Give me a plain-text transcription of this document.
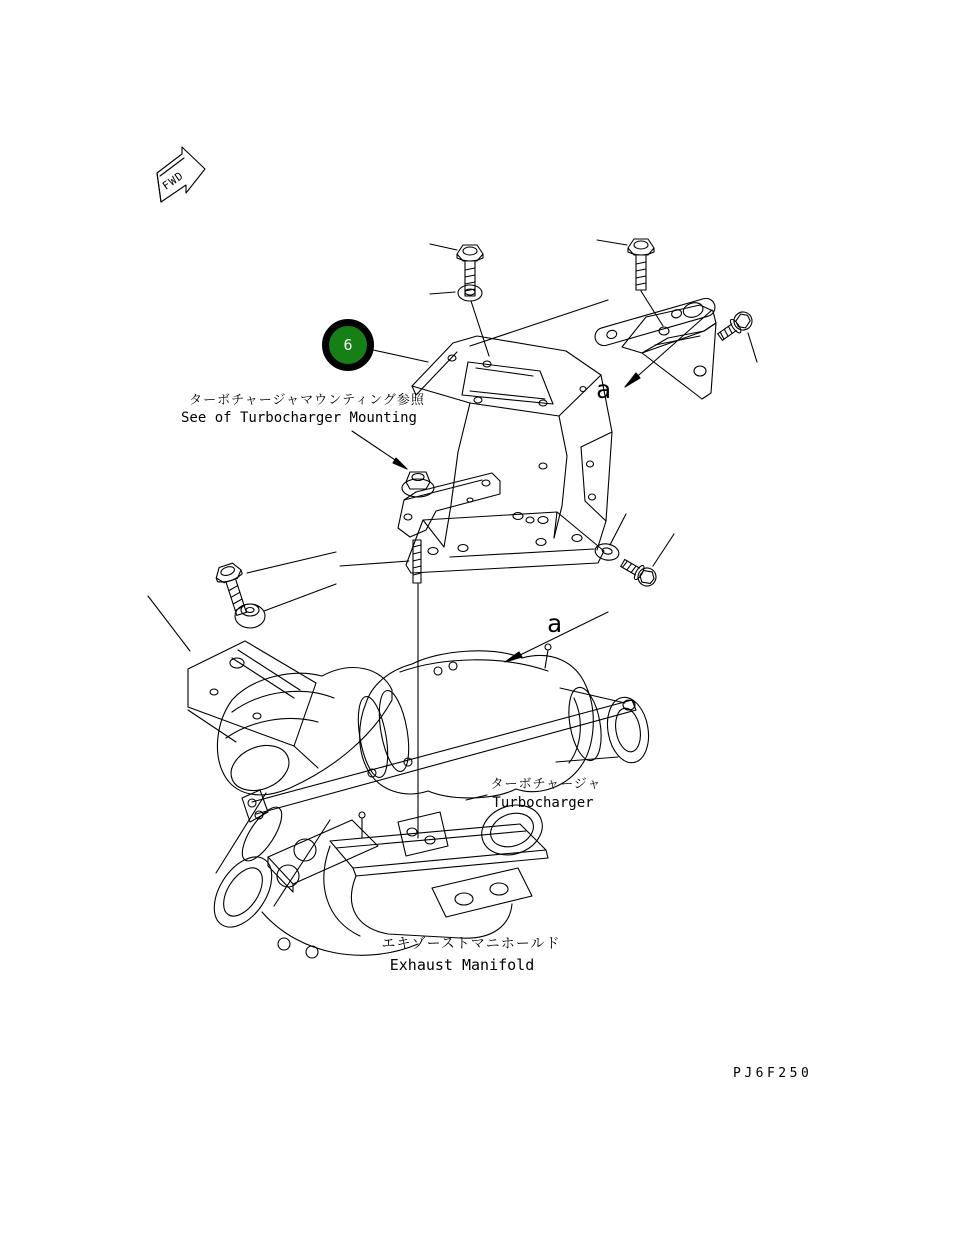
FWD
6
a
a
ターボチャージャマウンティング参照
See of Turbocharger Mounting
ターボチャージャ
Turbocharger
エキゾーストマニホールド
Exhaust Manifold
PJ6F250
